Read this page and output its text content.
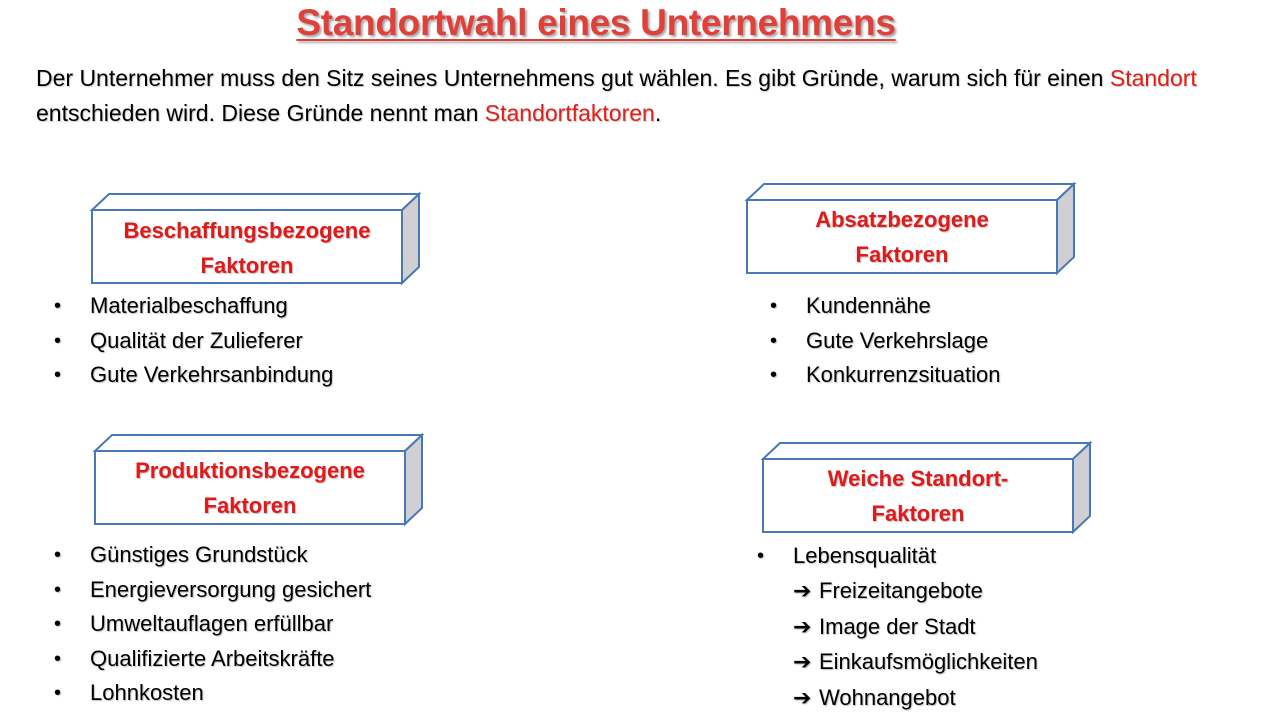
Standortwahl eines Unternehmens
Der Unternehmer muss den Sitz seines Unternehmens gut wählen. Es gibt Gründe, warum sich für einen Standort entschieden wird. Diese Gründe nennt man Standortfaktoren.
Beschaffungsbezogene
Faktoren
Absatzbezogene
Faktoren
Produktionsbezogene
Faktoren
Weiche Standort-
Faktoren
• Materialbeschaffung
• Qualität der Zulieferer
• Gute Verkehrsanbindung
• Kundennähe
• Gute Verkehrslage
• Konkurrenzsituation
• Günstiges Grundstück
• Energieversorgung gesichert
• Umweltauflagen erfüllbar
• Qualifizierte Arbeitskräfte
• Lohnkosten
• Lebensqualität
➔ Freizeitangebote
➔ Image der Stadt
➔ Einkaufsmöglichkeiten
➔ Wohnangebot
